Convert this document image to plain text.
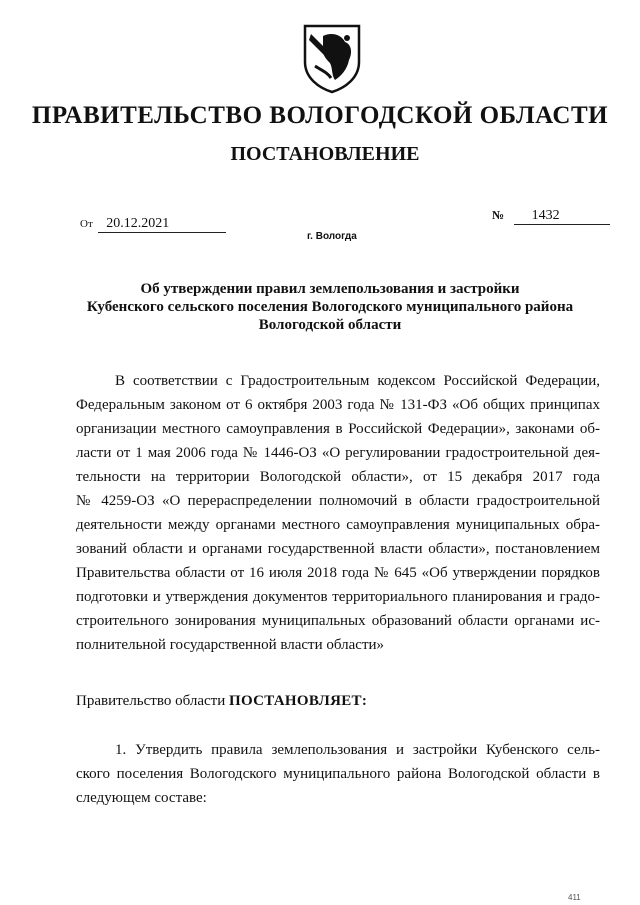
ПРАВИТЕЛЬСТВО ВОЛОГОДСКОЙ ОБЛАСТИ
ПОСТАНОВЛЕНИЕ
От 20.12.2021
№ 1432
г. Вологда
Об утверждении правил землепользования и застройки
Кубенского сельского поселения Вологодского муниципального района
Вологодской области
В соответствии с Градостроительным кодексом Российской Федерации,
Федеральным законом от 6 октября 2003 года № 131-ФЗ «Об общих принципах
организации местного самоуправления в Российской Федерации», законами об-
ласти от 1 мая 2006 года № 1446-ОЗ «О регулировании градостроительной дея-
тельности на территории Вологодской области», от 15 декабря 2017 года
№ 4259-ОЗ «О перераспределении полномочий в области градостроительной
деятельности между органами местного самоуправления муниципальных обра-
зований области и органами государственной власти области», постановлением
Правительства области от 16 июля 2018 года № 645 «Об утверждении порядков
подготовки и утверждения документов территориального планирования и градо-
строительного зонирования муниципальных образований области органами ис-
полнительной государственной власти области»
Правительство области ПОСТАНОВЛЯЕТ:
1. Утвердить правила землепользования и застройки Кубенского сель-
ского поселения Вологодского муниципального района Вологодской области в
следующем составе:
411
